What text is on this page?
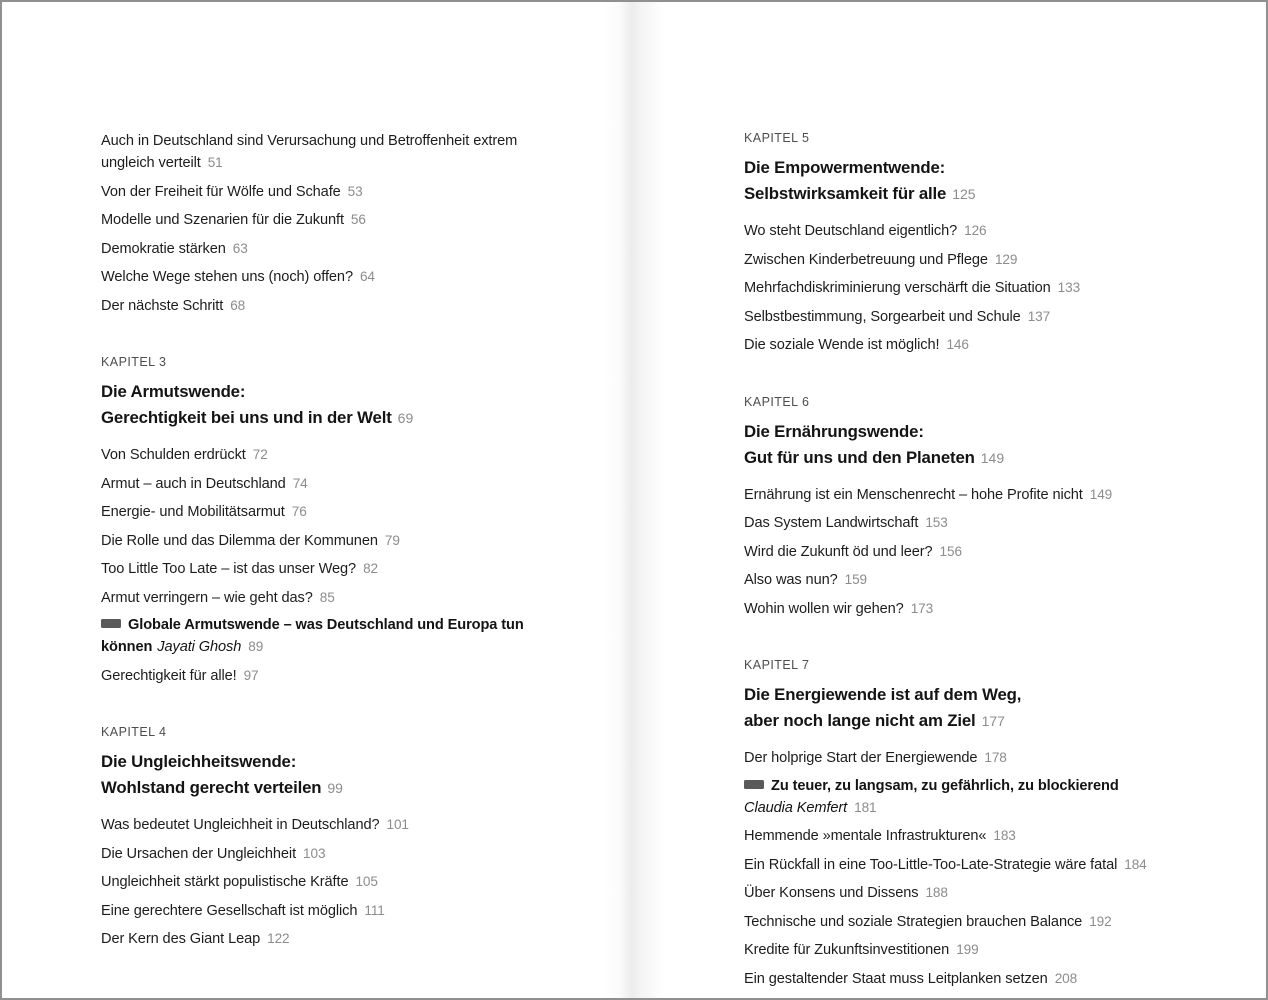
Auch in Deutschland sind Verursachung und Betroffenheit extrem ungleich verteilt 51
Von der Freiheit für Wölfe und Schafe 53
Modelle und Szenarien für die Zukunft 56
Demokratie stärken 63
Welche Wege stehen uns (noch) offen? 64
Der nächste Schritt 68
KAPITEL 3
Die Armutswende:
Gerechtigkeit bei uns und in der Welt 69
Von Schulden erdrückt 72
Armut – auch in Deutschland 74
Energie- und Mobilitätsarmut 76
Die Rolle und das Dilemma der Kommunen 79
Too Little Too Late – ist das unser Weg? 82
Armut verringern – wie geht das? 85
Globale Armutswende – was Deutschland und Europa tun können Jayati Ghosh 89
Gerechtigkeit für alle! 97
KAPITEL 4
Die Ungleichheitswende:
Wohlstand gerecht verteilen 99
Was bedeutet Ungleichheit in Deutschland? 101
Die Ursachen der Ungleichheit 103
Ungleichheit stärkt populistische Kräfte 105
Eine gerechtere Gesellschaft ist möglich 111
Der Kern des Giant Leap 122
KAPITEL 5
Die Empowermentwende:
Selbstwirksamkeit für alle 125
Wo steht Deutschland eigentlich? 126
Zwischen Kinderbetreuung und Pflege 129
Mehrfachdiskriminierung verschärft die Situation 133
Selbstbestimmung, Sorgearbeit und Schule 137
Die soziale Wende ist möglich! 146
KAPITEL 6
Die Ernährungswende:
Gut für uns und den Planeten 149
Ernährung ist ein Menschenrecht – hohe Profite nicht 149
Das System Landwirtschaft 153
Wird die Zukunft öd und leer? 156
Also was nun? 159
Wohin wollen wir gehen? 173
KAPITEL 7
Die Energiewende ist auf dem Weg,
aber noch lange nicht am Ziel 177
Der holprige Start der Energiewende 178
Zu teuer, zu langsam, zu gefährlich, zu blockierend
Claudia Kemfert 181
Hemmende »mentale Infrastrukturen« 183
Ein Rückfall in eine Too-Little-Too-Late-Strategie wäre fatal 184
Über Konsens und Dissens 188
Technische und soziale Strategien brauchen Balance 192
Kredite für Zukunftsinvestitionen 199
Ein gestaltender Staat muss Leitplanken setzen 208
